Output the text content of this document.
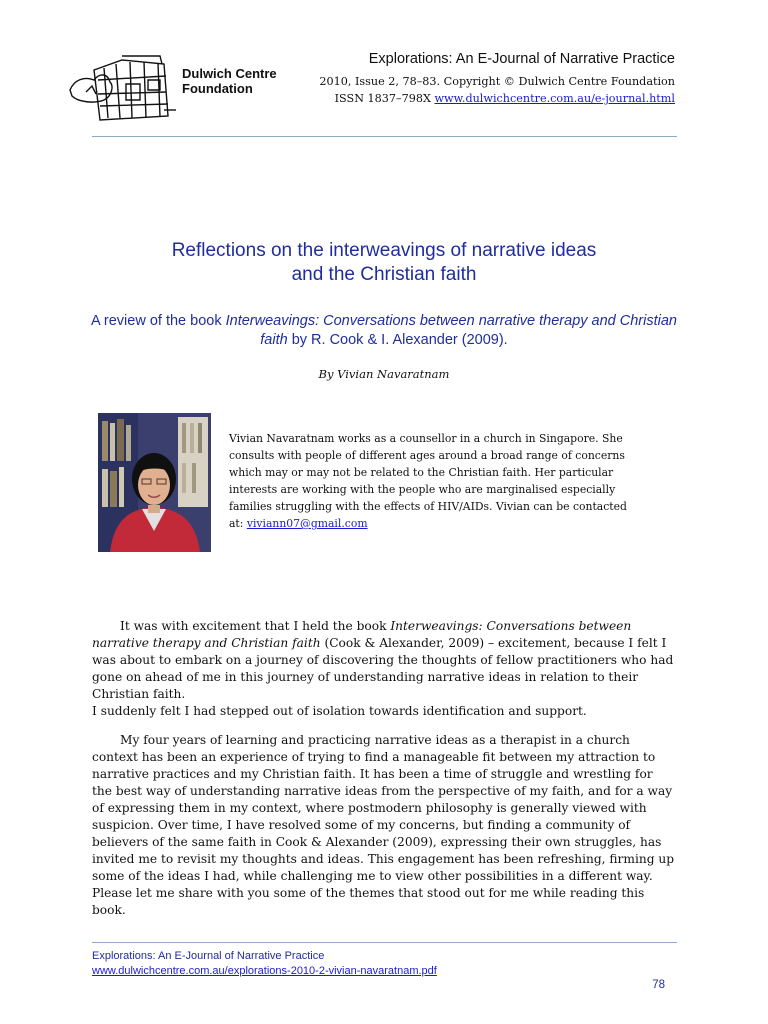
Dulwich Centre
Foundation
Explorations: An E-Journal of Narrative Practice
2010, Issue 2, 78–83. Copyright © Dulwich Centre Foundation
ISSN 1837–798X www.dulwichcentre.com.au/e-journal.html
Reflections on the interweavings of narrative ideas
and the Christian faith
A review of the book Interweavings: Conversations between narrative therapy and Christian faith by R. Cook & I. Alexander (2009).
By Vivian Navaratnam
Vivian Navaratnam works as a counsellor in a church in Singapore. She consults with people of different ages around a broad range of concerns which may or may not be related to the Christian faith. Her particular interests are working with the people who are marginalised especially families struggling with the effects of HIV/AIDs. Vivian can be contacted at: viviann07@gmail.com

It was with excitement that I held the book Interweavings: Conversations between narrative therapy and Christian faith (Cook & Alexander, 2009) – excitement, because I felt I was about to embark on a journey of discovering the thoughts of fellow practitioners who had gone on ahead of me in this journey of understanding narrative ideas in relation to their Christian faith.
I suddenly felt I had stepped out of isolation towards identification and support.

My four years of learning and practicing narrative ideas as a therapist in a church context has been an experience of trying to find a manageable fit between my attraction to narrative practices and my Christian faith. It has been a time of struggle and wrestling for the best way of understanding narrative ideas from the perspective of my faith, and for a way of expressing them in my context, where postmodern philosophy is generally viewed with suspicion. Over time, I have resolved some of my concerns, but finding a community of believers of the same faith in Cook & Alexander (2009), expressing their own struggles, has invited me to revisit my thoughts and ideas. This engagement has been refreshing, firming up some of the ideas I had, while challenging me to view other possibilities in a different way. Please let me share with you some of the themes that stood out for me while reading this book.

Explorations: An E-Journal of Narrative Practice
www.dulwichcentre.com.au/explorations-2010-2-vivian-navaratnam.pdf
78
